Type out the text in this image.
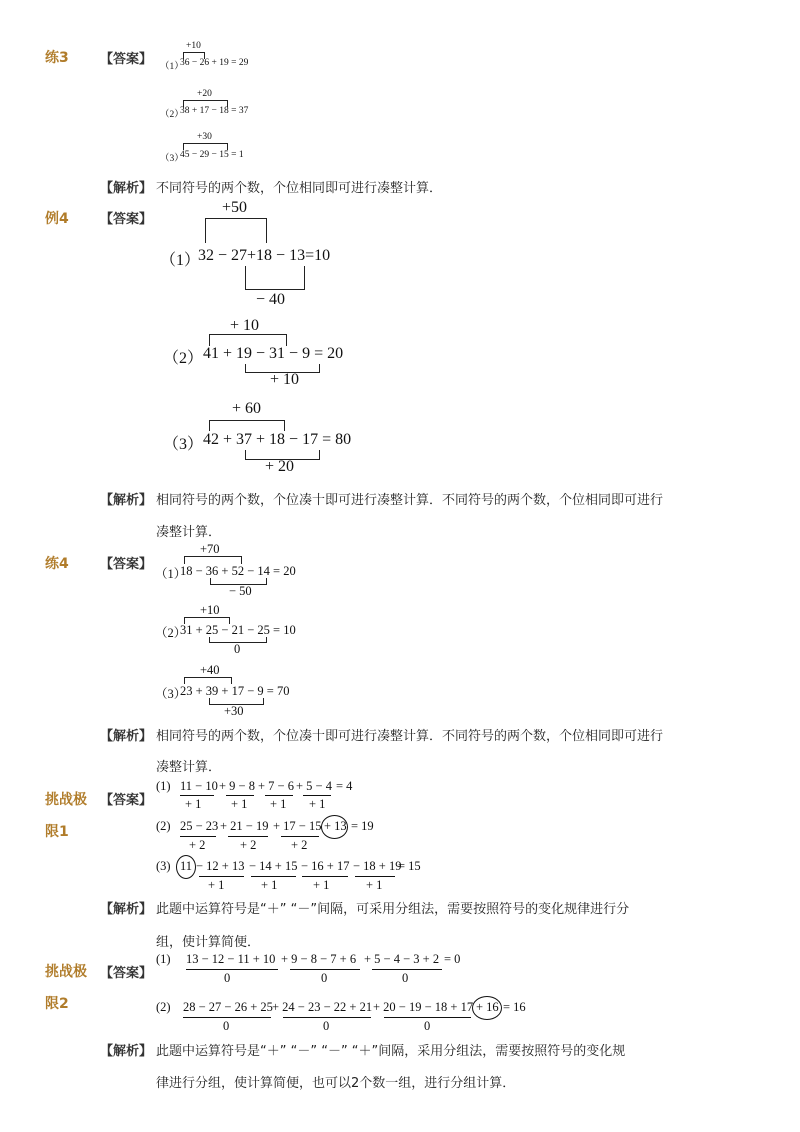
练3 【答案】
+10
（1）
36 − 26 + 19 = 29
+20
（2）
38 + 17 − 18 = 37
+30
（3）
45 − 29 − 15 = 1
【解析】 不同符号的两个数，个位相同即可进行凑整计算．
例4 【答案】
+50
（1）
32 − 27+18 − 13=10
− 40
+ 10
（2） 41 + 19 − 31 − 9 = 20
+ 10
+ 60
（3） 42 + 37 + 18 − 17 = 80
+ 20
【解析】 相同符号的两个数，个位凑十即可进行凑整计算．不同符号的两个数，个位相同即可进行
凑整计算．
练4 【答案】
+70
（1）
18 − 36 + 52 − 14 = 20
− 50
+10
（2）
31 + 25 − 21 − 25 = 10
0
+40
（3）
23 + 39 + 17 − 9 = 70
+30
【解析】 相同符号的两个数，个位凑十即可进行凑整计算．不同符号的两个数，个位相同即可进行
凑整计算．
挑战极
限1
【答案】
(1) 11 − 10 + 9 − 8 + 7 − 6 + 5 − 4 = 4
+ 1 + 1 + 1 + 1
(2) 25 − 23 + 21 − 19 + 17 − 15 + 13 = 19
+ 2	+ 2	+ 2
(3) 11 − 12 + 13 − 14 + 15 − 16 + 17 − 18 + 19
= 15
+ 1	+ 1	+ 1	+ 1
【解析】 此题中运算符号是“＋” “－”间隔，可采用分组法，需要按照符号的变化规律进行分
组，使计算简便．
挑战极
限2
【答案】
(1) 13 − 12 − 11 + 10 + 9 − 8 − 7 + 6 + 5 − 4 − 3 + 2 = 0
0	0	0
(2) 28 − 27 − 26 + 25 + 24 − 23 − 22 + 21 + 20 − 19 − 18 + 17 + 16 = 16
0	0	0
【解析】 此题中运算符号是“＋” “－” “－” “＋”间隔，采用分组法，需要按照符号的变化规
律进行分组，使计算简便，也可以2个数一组，进行分组计算．
